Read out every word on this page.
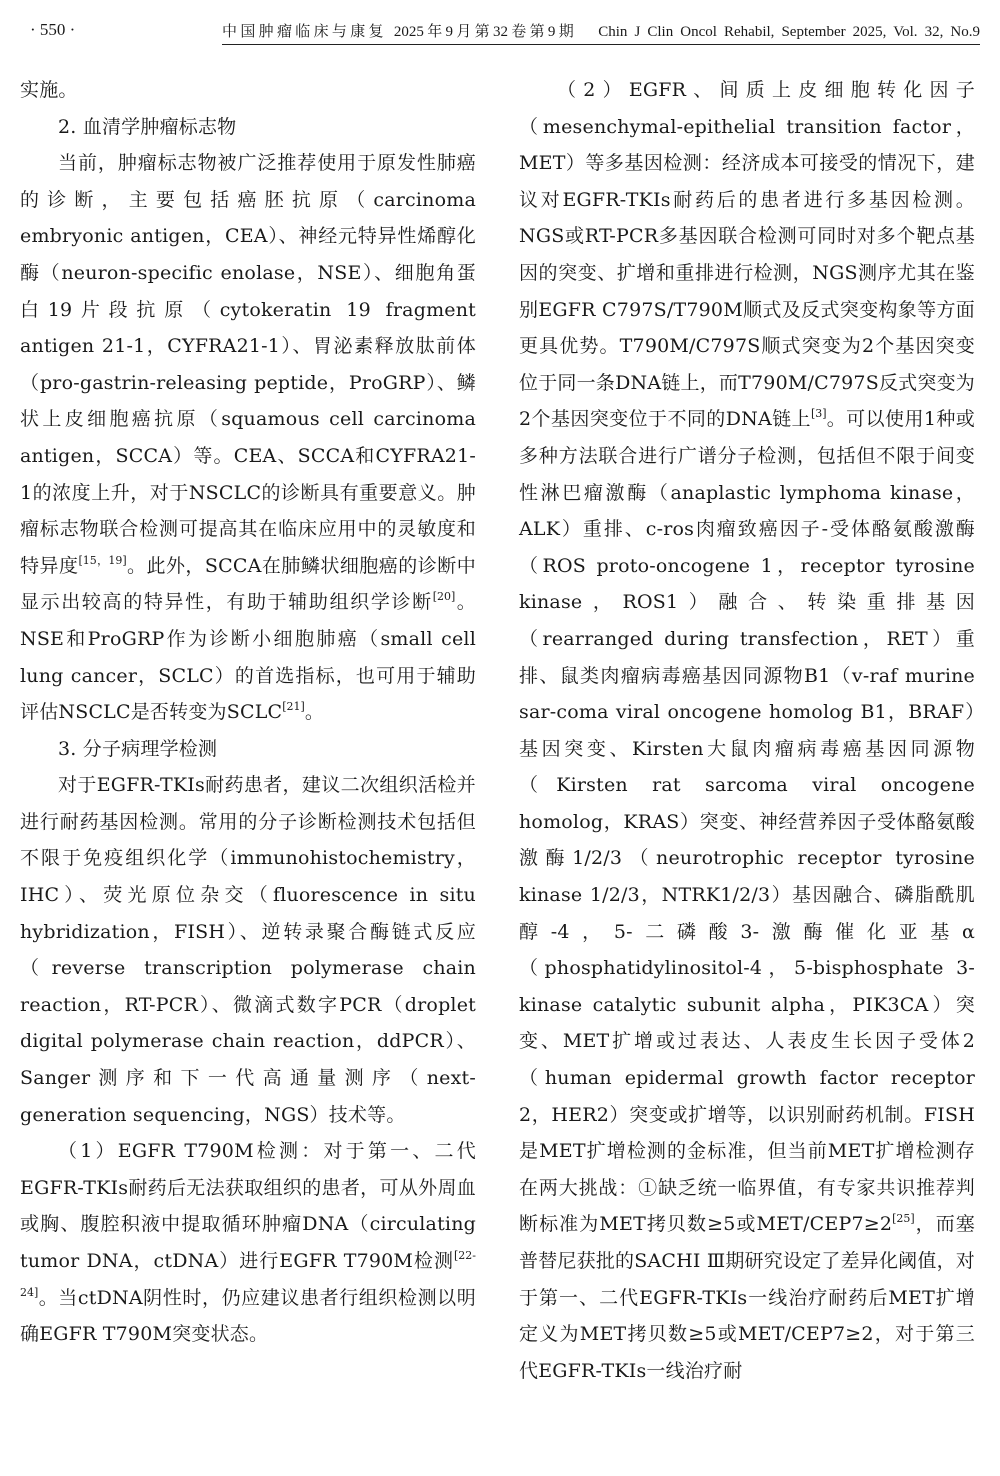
· 550 ·	中国肿瘤临床与康复 2025年9月第32卷第9期 Chin J Clin Oncol Rehabil, September 2025, Vol. 32, No.9

实施。

2. 血清学肿瘤标志物

当前，肿瘤标志物被广泛推荐使用于原发性肺癌的诊断，主要包括癌胚抗原（carcinoma embryonic antigen，CEA）、神经元特异性烯醇化酶（neuron-specific enolase，NSE）、细胞角蛋白19片段抗原（cytokeratin 19 fragment antigen 21-1，CYFRA21-1）、胃泌素释放肽前体（pro-gastrin-releasing peptide，ProGRP）、鳞状上皮细胞癌抗原（squamous cell carcinoma antigen，SCCA）等。CEA、SCCA和CYFRA21-1的浓度上升，对于NSCLC的诊断具有重要意义。肿瘤标志物联合检测可提高其在临床应用中的灵敏度和特异度[15，19]。此外，SCCA在肺鳞状细胞癌的诊断中显示出较高的特异性，有助于辅助组织学诊断[20]。NSE和ProGRP作为诊断小细胞肺癌（small cell lung cancer，SCLC）的首选指标，也可用于辅助评估NSCLC是否转变为SCLC[21]。

3. 分子病理学检测

对于EGFR-TKIs耐药患者，建议二次组织活检并进行耐药基因检测。常用的分子诊断检测技术包括但不限于免疫组织化学（immunohistochemistry，IHC）、荧光原位杂交（fluorescence in situ hybridization，FISH）、逆转录聚合酶链式反应（reverse transcription polymerase chain reaction，RT-PCR）、微滴式数字PCR（droplet digital polymerase chain reaction，ddPCR）、Sanger测序和下一代高通量测序（next-generation sequencing，NGS）技术等。

（1）EGFR T790M检测：对于第一、二代EGFR-TKIs耐药后无法获取组织的患者，可从外周血或胸、腹腔积液中提取循环肿瘤DNA（circulating tumor DNA，ctDNA）进行EGFR T790M检测[22-24]。当ctDNA阴性时，仍应建议患者行组织检测以明确EGFR T790M突变状态。

（2）EGFR、间质上皮细胞转化因子（mesenchymal-epithelial transition factor，MET）等多基因检测：经济成本可接受的情况下，建议对EGFR-TKIs耐药后的患者进行多基因检测。NGS或RT-PCR多基因联合检测可同时对多个靶点基因的突变、扩增和重排进行检测，NGS测序尤其在鉴别EGFR C797S/T790M顺式及反式突变构象等方面更具优势。T790M/C797S顺式突变为2个基因突变位于同一条DNA链上，而T790M/C797S反式突变为2个基因突变位于不同的DNA链上[3]。可以使用1种或多种方法联合进行广谱分子检测，包括但不限于间变性淋巴瘤激酶（anaplastic lymphoma kinase，ALK）重排、c-ros肉瘤致癌因子-受体酪氨酸激酶（ROS proto-oncogene 1，receptor tyrosine kinase，ROS1）融合、转染重排基因（rearranged during transfection，RET）重排、鼠类肉瘤病毒癌基因同源物B1（v-raf murine sar-coma viral oncogene homolog B1，BRAF）基因突变、Kirsten大鼠肉瘤病毒癌基因同源物（Kirsten rat sarcoma viral oncogene homolog，KRAS）突变、神经营养因子受体酪氨酸激酶1/2/3（neurotrophic receptor tyrosine kinase 1/2/3，NTRK1/2/3）基因融合、磷脂酰肌醇-4，5-二磷酸3-激酶催化亚基α（phosphatidylinositol-4，5-bisphosphate 3-kinase catalytic subunit alpha，PIK3CA）突变、MET扩增或过表达、人表皮生长因子受体2（human epidermal growth factor receptor 2，HER2）突变或扩增等，以识别耐药机制。FISH是MET扩增检测的金标准，但当前MET扩增检测存在两大挑战：①缺乏统一临界值，有专家共识推荐判断标准为MET拷贝数≥5或MET/CEP7≥2[25]，而塞普替尼获批的SACHI Ⅲ期研究设定了差异化阈值，对于第一、二代EGFR-TKIs一线治疗耐药后MET扩增定义为MET拷贝数≥5或MET/CEP7≥2，对于第三代EGFR-TKIs一线治疗耐
